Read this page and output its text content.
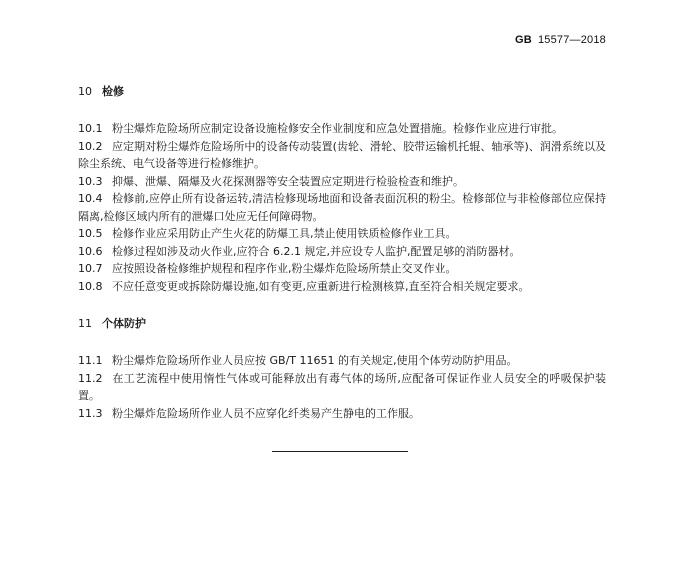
GB 15577—2018
10 检修
10.1 粉尘爆炸危险场所应制定设备设施检修安全作业制度和应急处置措施。检修作业应进行审批。
10.2 应定期对粉尘爆炸危险场所中的设备传动装置(齿轮、滑轮、胶带运输机托辊、轴承等)、润滑系统以及除尘系统、电气设备等进行检修维护。
10.3 抑爆、泄爆、隔爆及火花探测器等安全装置应定期进行检验检查和维护。
10.4 检修前,应停止所有设备运转,清洁检修现场地面和设备表面沉积的粉尘。检修部位与非检修部位应保持隔离,检修区域内所有的泄爆口处应无任何障碍物。
10.5 检修作业应采用防止产生火花的防爆工具,禁止使用铁质检修作业工具。
10.6 检修过程如涉及动火作业,应符合 6.2.1 规定,并应设专人监护,配置足够的消防器材。
10.7 应按照设备检修维护规程和程序作业,粉尘爆炸危险场所禁止交叉作业。
10.8 不应任意变更或拆除防爆设施,如有变更,应重新进行检测核算,直至符合相关规定要求。
11 个体防护
11.1 粉尘爆炸危险场所作业人员应按 GB/T 11651 的有关规定,使用个体劳动防护用品。
11.2 在工艺流程中使用惰性气体或可能释放出有毒气体的场所,应配备可保证作业人员安全的呼吸保护装置。
11.3 粉尘爆炸危险场所作业人员不应穿化纤类易产生静电的工作服。
